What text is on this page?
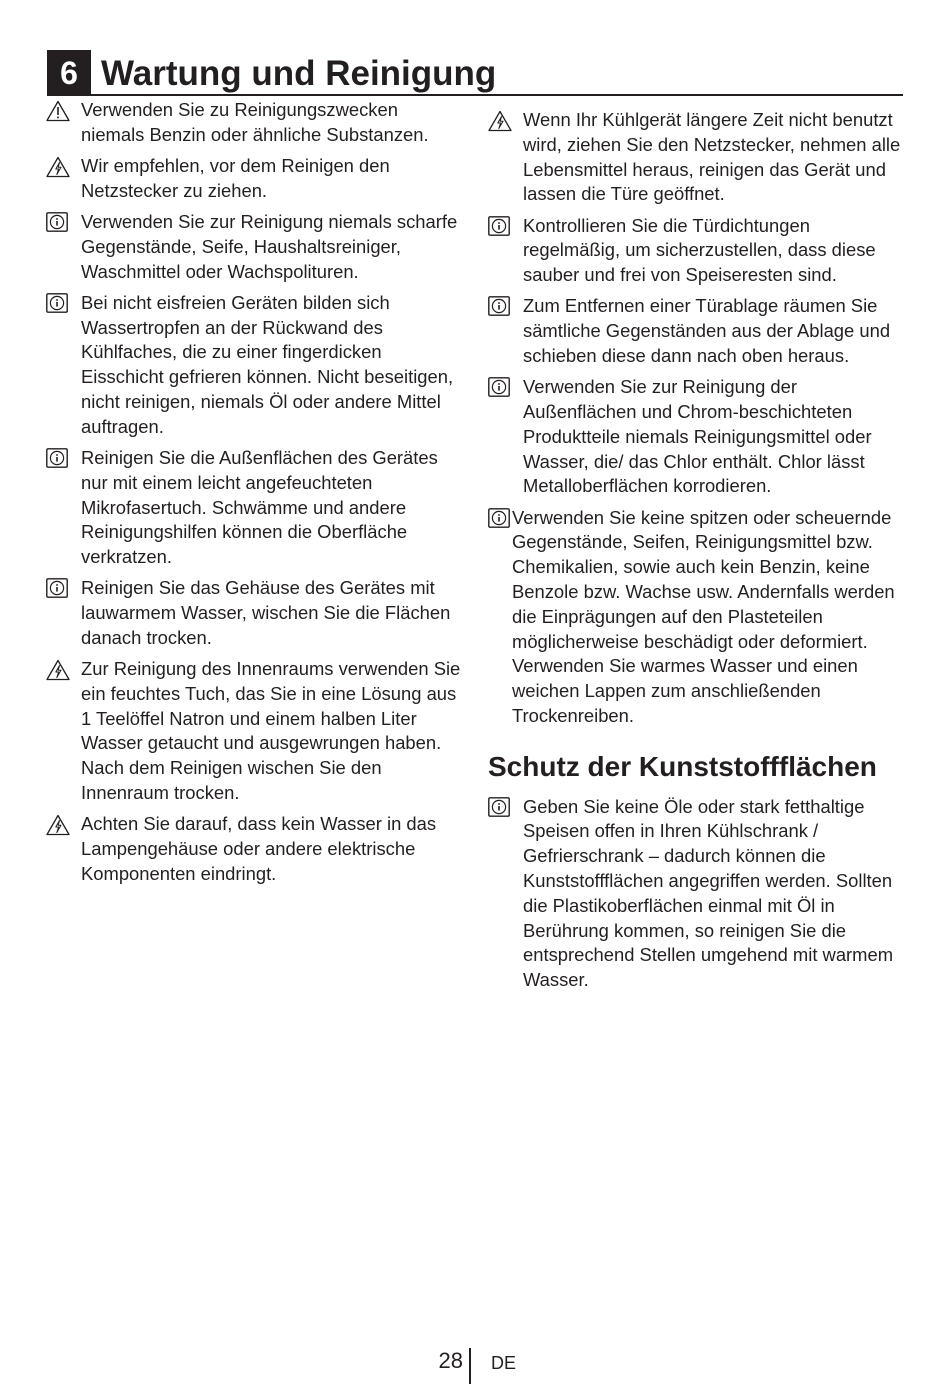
6 Wartung und Reinigung
Verwenden Sie zu Reinigungszwecken niemals Benzin oder ähnliche Substanzen.
Wir empfehlen, vor dem Reinigen den Netzstecker zu ziehen.
Verwenden Sie zur Reinigung niemals scharfe Gegenstände, Seife, Haushaltsreiniger, Waschmittel oder Wachspolituren.
Bei nicht eisfreien Geräten bilden sich Wassertropfen an der Rückwand des Kühlfaches, die zu einer fingerdicken Eisschicht gefrieren können. Nicht beseitigen, nicht reinigen, niemals Öl oder andere Mittel auftragen.
Reinigen Sie die Außenflächen des Gerätes nur mit einem leicht angefeuchteten Mikrofasertuch. Schwämme und andere Reinigungshilfen können die Oberfläche verkratzen.
Reinigen Sie das Gehäuse des Gerätes mit lauwarmem Wasser, wischen Sie die Flächen danach trocken.
Zur Reinigung des Innenraums verwenden Sie ein feuchtes Tuch, das Sie in eine Lösung aus 1 Teelöffel Natron und einem halben Liter Wasser getaucht und ausgewrungen haben. Nach dem Reinigen wischen Sie den Innenraum trocken.
Achten Sie darauf, dass kein Wasser in das Lampengehäuse oder andere elektrische Komponenten eindringt.
Wenn Ihr Kühlgerät längere Zeit nicht benutzt wird, ziehen Sie den Netzstecker, nehmen alle Lebensmittel heraus, reinigen das Gerät und lassen die Türe geöffnet.
Kontrollieren Sie die Türdichtungen regelmäßig, um sicherzustellen, dass diese sauber und frei von Speiseresten sind.
Zum Entfernen einer Türablage räumen Sie sämtliche Gegenständen aus der Ablage und schieben diese dann nach oben heraus.
Verwenden Sie zur Reinigung der Außenflächen und Chrom-beschichteten Produktteile niemals Reinigungsmittel oder Wasser, die/ das Chlor enthält. Chlor lässt Metalloberflächen korrodieren.
Verwenden Sie keine spitzen oder scheuernde Gegenstände, Seifen, Reinigungsmittel bzw. Chemikalien, sowie auch kein Benzin, keine Benzole bzw. Wachse usw. Andernfalls werden die Einprägungen auf den Plasteteilen möglicherweise beschädigt oder deformiert. Verwenden Sie warmes Wasser und einen weichen Lappen zum anschließenden Trockenreiben.
Schutz der Kunststoffflächen
Geben Sie keine Öle oder stark fetthaltige Speisen offen in Ihren Kühlschrank / Gefrierschrank – dadurch können die Kunststoffflächen angegriffen werden. Sollten die Plastikoberflächen einmal mit Öl in Berührung kommen, so reinigen Sie die entsprechend Stellen umgehend mit warmem Wasser.
28 DE
